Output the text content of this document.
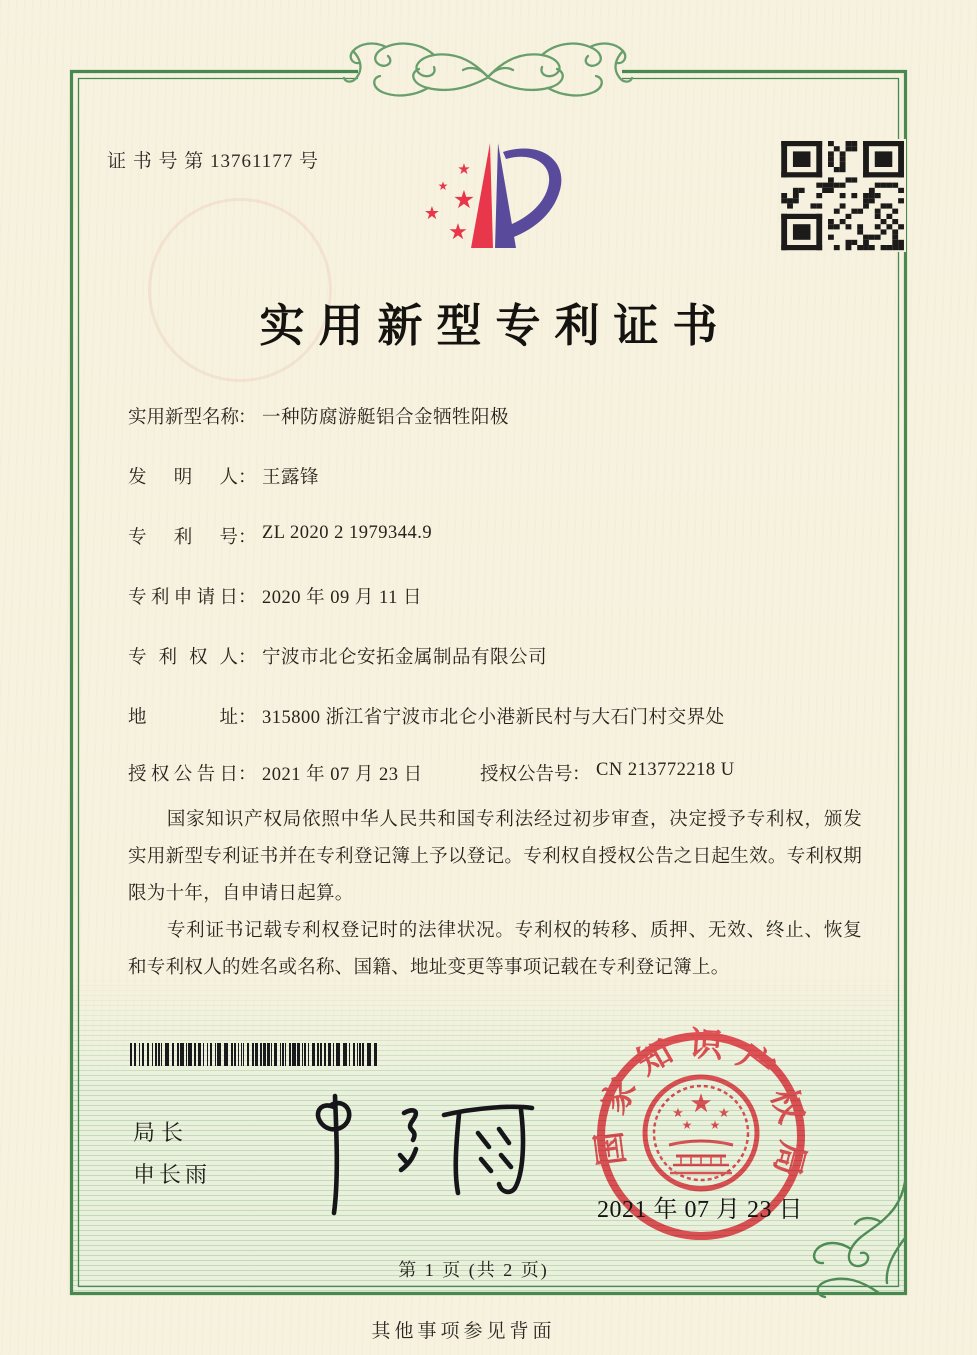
证 书 号 第 13761177 号	★
★ ★
★
★
实用新型专利证书
实用新型名称： 一种防腐游艇铝合金牺牲阳极
发明人： 王露锋
专利号： ZL 2020 2 1979344.9
专利申请日： 2020 年 09 月 11 日
专利权人： 宁波市北仑安拓金属制品有限公司
地址： 315800 浙江省宁波市北仑小港新民村与大石门村交界处
授权公告日： 2021 年 07 月 23 日	授权公告号： CN 213772218 U

国家知识产权局依照中华人民共和国专利法经过初步审查，决定授予专利权，颁发实用新型专利证书并在专利登记簿上予以登记。专利权自授权公告之日起生效。专利权期限为十年，自申请日起算。

专利证书记载专利权登记时的法律状况。专利权的转移、质押、无效、终止、恢复和专利权人的姓名或名称、国籍、地址变更等事项记载在专利登记簿上。

局长
申长雨
国家知识产权局
★
★	★
★ ★
2021 年 07 月 23 日
第 1 页 (共 2 页)
其他事项参见背面
